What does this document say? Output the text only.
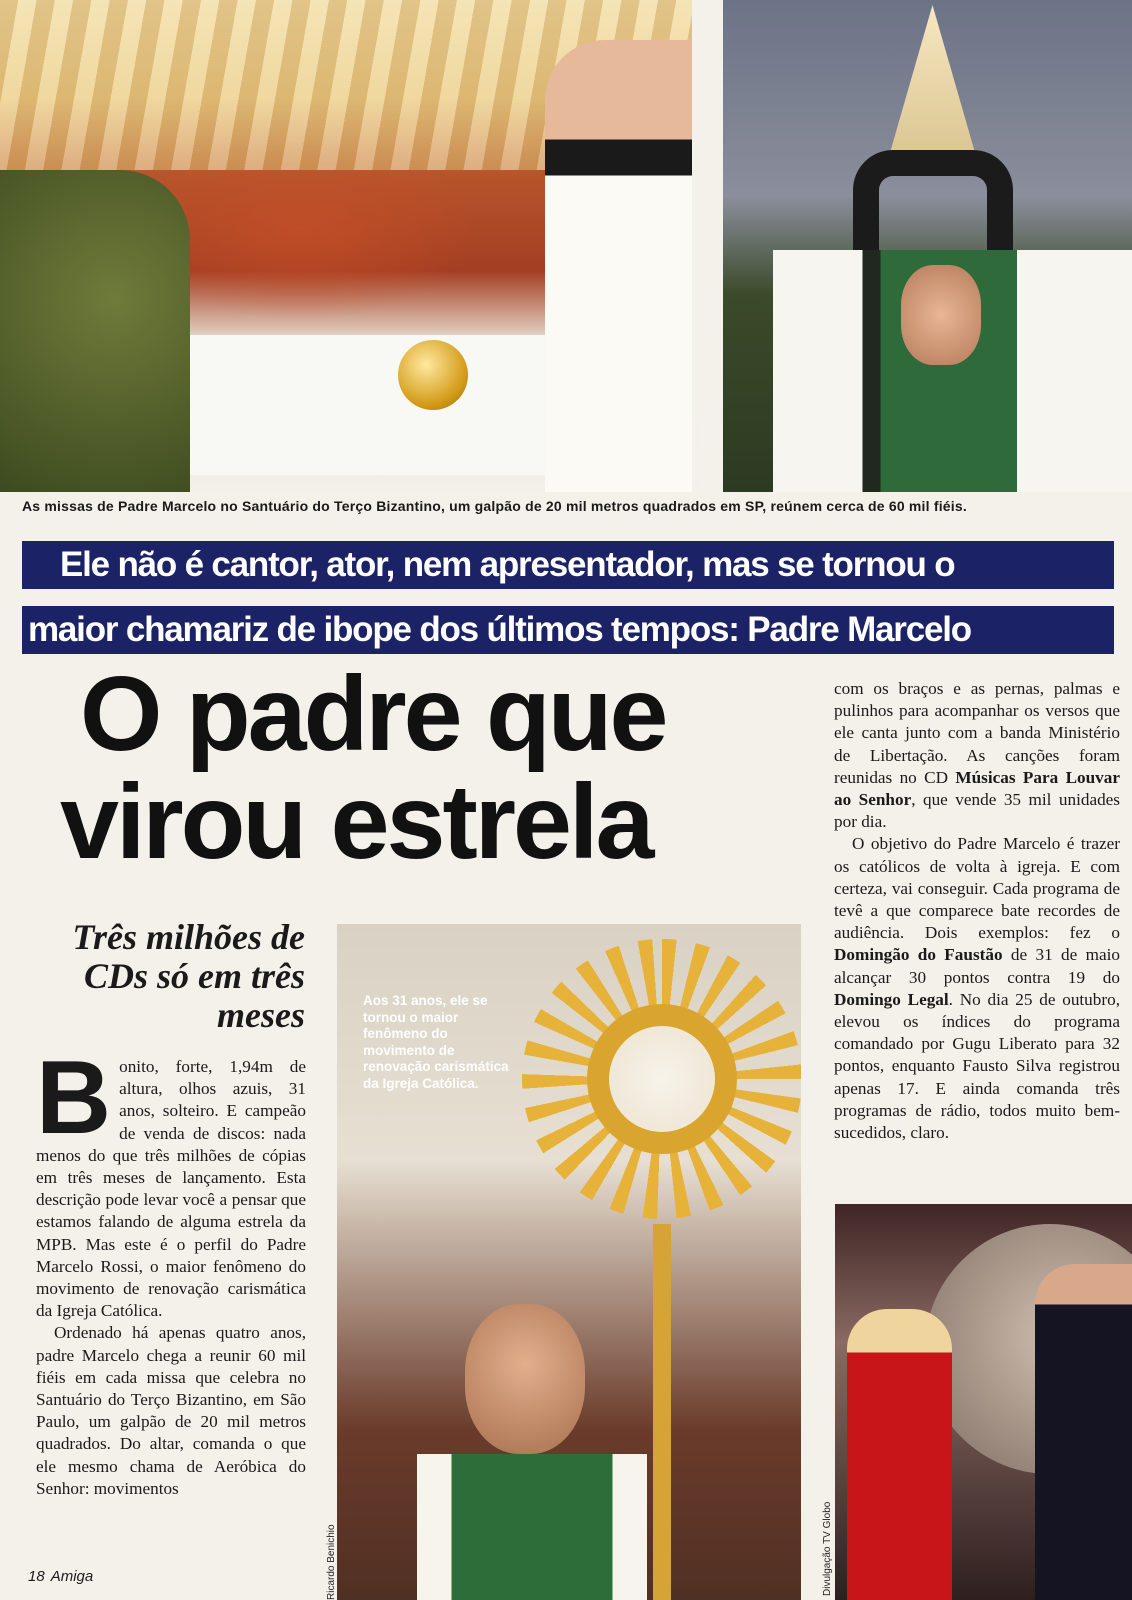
Ricardo Benichio
Ricardo Benichio	Divulgação TV Globo
As missas de Padre Marcelo no Santuário do Terço Bizantino, um galpão de 20 mil metros quadrados em SP, reúnem cerca de 60 mil fiéis.
Ele não é cantor, ator, nem apresentador, mas se tornou o
maior chamariz de ibope dos últimos tempos: Padre Marcelo
O padre que
virou estrela
Três milhões de CDs só em três meses	Aos 31 anos, ele se tornou o maior fenômeno do movimento de renovação carismática da Igreja Católica.

Bonito, forte, 1,94m de altura, olhos azuis, 31 anos, solteiro. E campeão de venda de discos: nada menos do que três milhões de cópias em três meses de lançamento. Esta descrição pode levar você a pensar que estamos falando de alguma estrela da MPB. Mas este é o perfil do Padre Marcelo Rossi, o maior fenômeno do movimento de renovação carismática da Igreja Católica.

Ordenado há apenas quatro anos, padre Marcelo chega a reunir 60 mil fiéis em cada missa que celebra no Santuário do Terço Bizantino, em São Paulo, um galpão de 20 mil metros quadrados. Do altar, comanda o que ele mesmo chama de Aeróbica do Senhor: movimentos

com os braços e as pernas, palmas e pulinhos para acompanhar os versos que ele canta junto com a banda Ministério de Libertação. As canções foram reunidas no CD Músicas Para Louvar ao Senhor, que vende 35 mil unidades por dia.

O objetivo do Padre Marcelo é trazer os católicos de volta à igreja. E com certeza, vai conseguir. Cada programa de tevê a que comparece bate recordes de audiência. Dois exemplos: fez o Domingão do Faustão de 31 de maio alcançar 30 pontos contra 19 do Domingo Legal. No dia 25 de outubro, elevou os índices do programa comandado por Gugu Liberato para 32 pontos, enquanto Fausto Silva registrou apenas 17. E ainda comanda três programas de rádio, todos muito bem-sucedidos, claro.

18 Amiga
